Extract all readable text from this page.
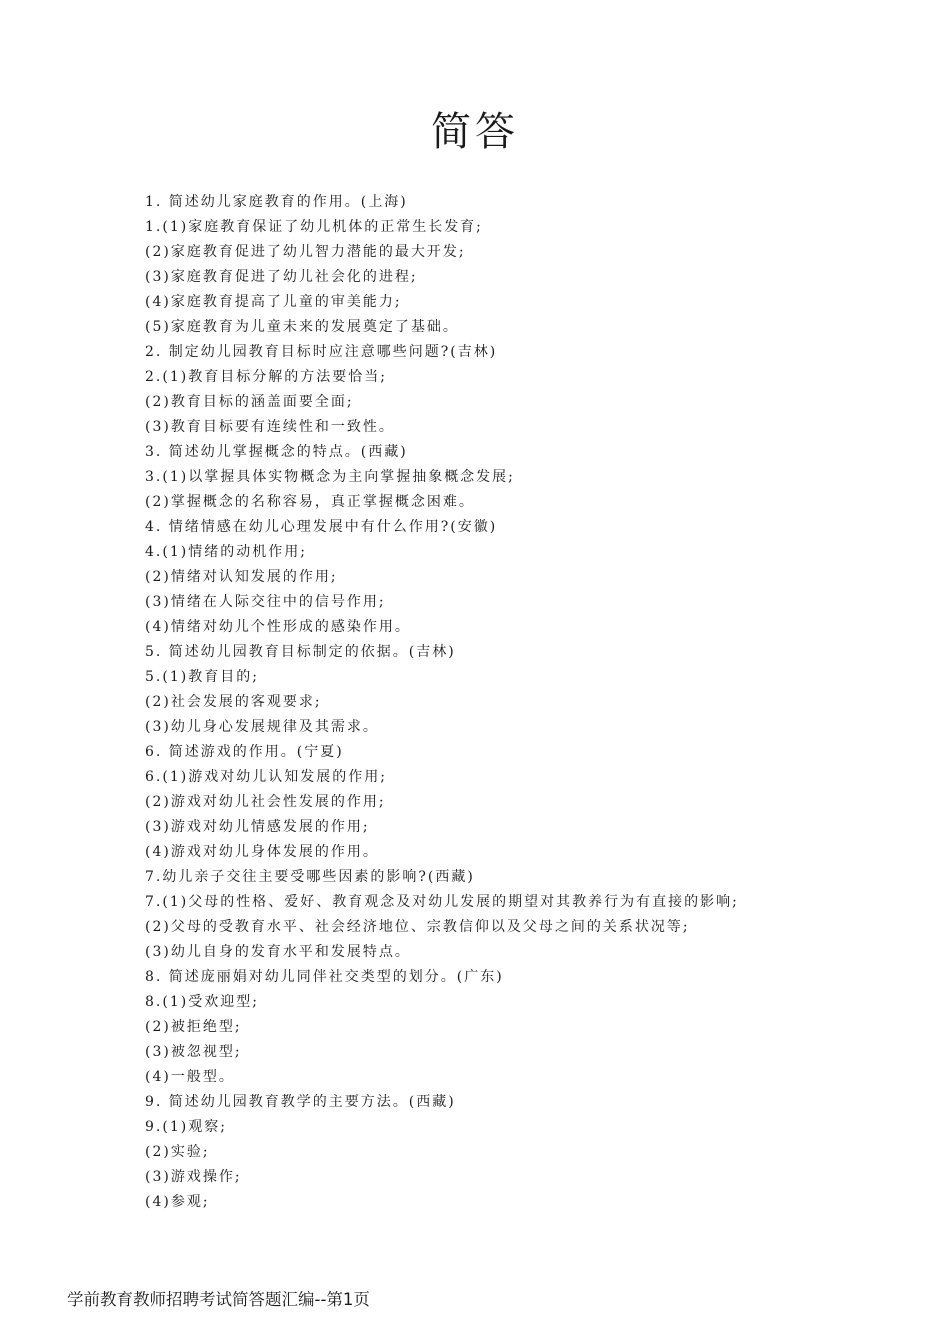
简答
1. 简述幼儿家庭教育的作用。(上海)
1.(1)家庭教育保证了幼儿机体的正常生长发育;
(2)家庭教育促进了幼儿智力潜能的最大开发;
(3)家庭教育促进了幼儿社会化的进程;
(4)家庭教育提高了儿童的审美能力;
(5)家庭教育为儿童未来的发展奠定了基础。
2. 制定幼儿园教育目标时应注意哪些问题?(吉林)
2.(1)教育目标分解的方法要恰当;
(2)教育目标的涵盖面要全面;
(3)教育目标要有连续性和一致性。
3. 简述幼儿掌握概念的特点。(西藏)
3.(1)以掌握具体实物概念为主向掌握抽象概念发展;
(2)掌握概念的名称容易，真正掌握概念困难。
4. 情绪情感在幼儿心理发展中有什么作用?(安徽)
4.(1)情绪的动机作用;
(2)情绪对认知发展的作用;
(3)情绪在人际交往中的信号作用;
(4)情绪对幼儿个性形成的感染作用。
5. 简述幼儿园教育目标制定的依据。(吉林)
5.(1)教育目的;
(2)社会发展的客观要求;
(3)幼儿身心发展规律及其需求。
6. 简述游戏的作用。(宁夏)
6.(1)游戏对幼儿认知发展的作用;
(2)游戏对幼儿社会性发展的作用;
(3)游戏对幼儿情感发展的作用;
(4)游戏对幼儿身体发展的作用。
7.幼儿亲子交往主要受哪些因素的影响?(西藏)
7.(1)父母的性格、爱好、教育观念及对幼儿发展的期望对其教养行为有直接的影响;
(2)父母的受教育水平、社会经济地位、宗教信仰以及父母之间的关系状况等;
(3)幼儿自身的发育水平和发展特点。
8. 简述庞丽娟对幼儿同伴社交类型的划分。(广东)
8.(1)受欢迎型;
(2)被拒绝型;
(3)被忽视型;
(4)一般型。
9. 简述幼儿园教育教学的主要方法。(西藏)
9.(1)观察;
(2)实验;
(3)游戏操作;
(4)参观;
学前教育教师招聘考试简答题汇编--第1页
